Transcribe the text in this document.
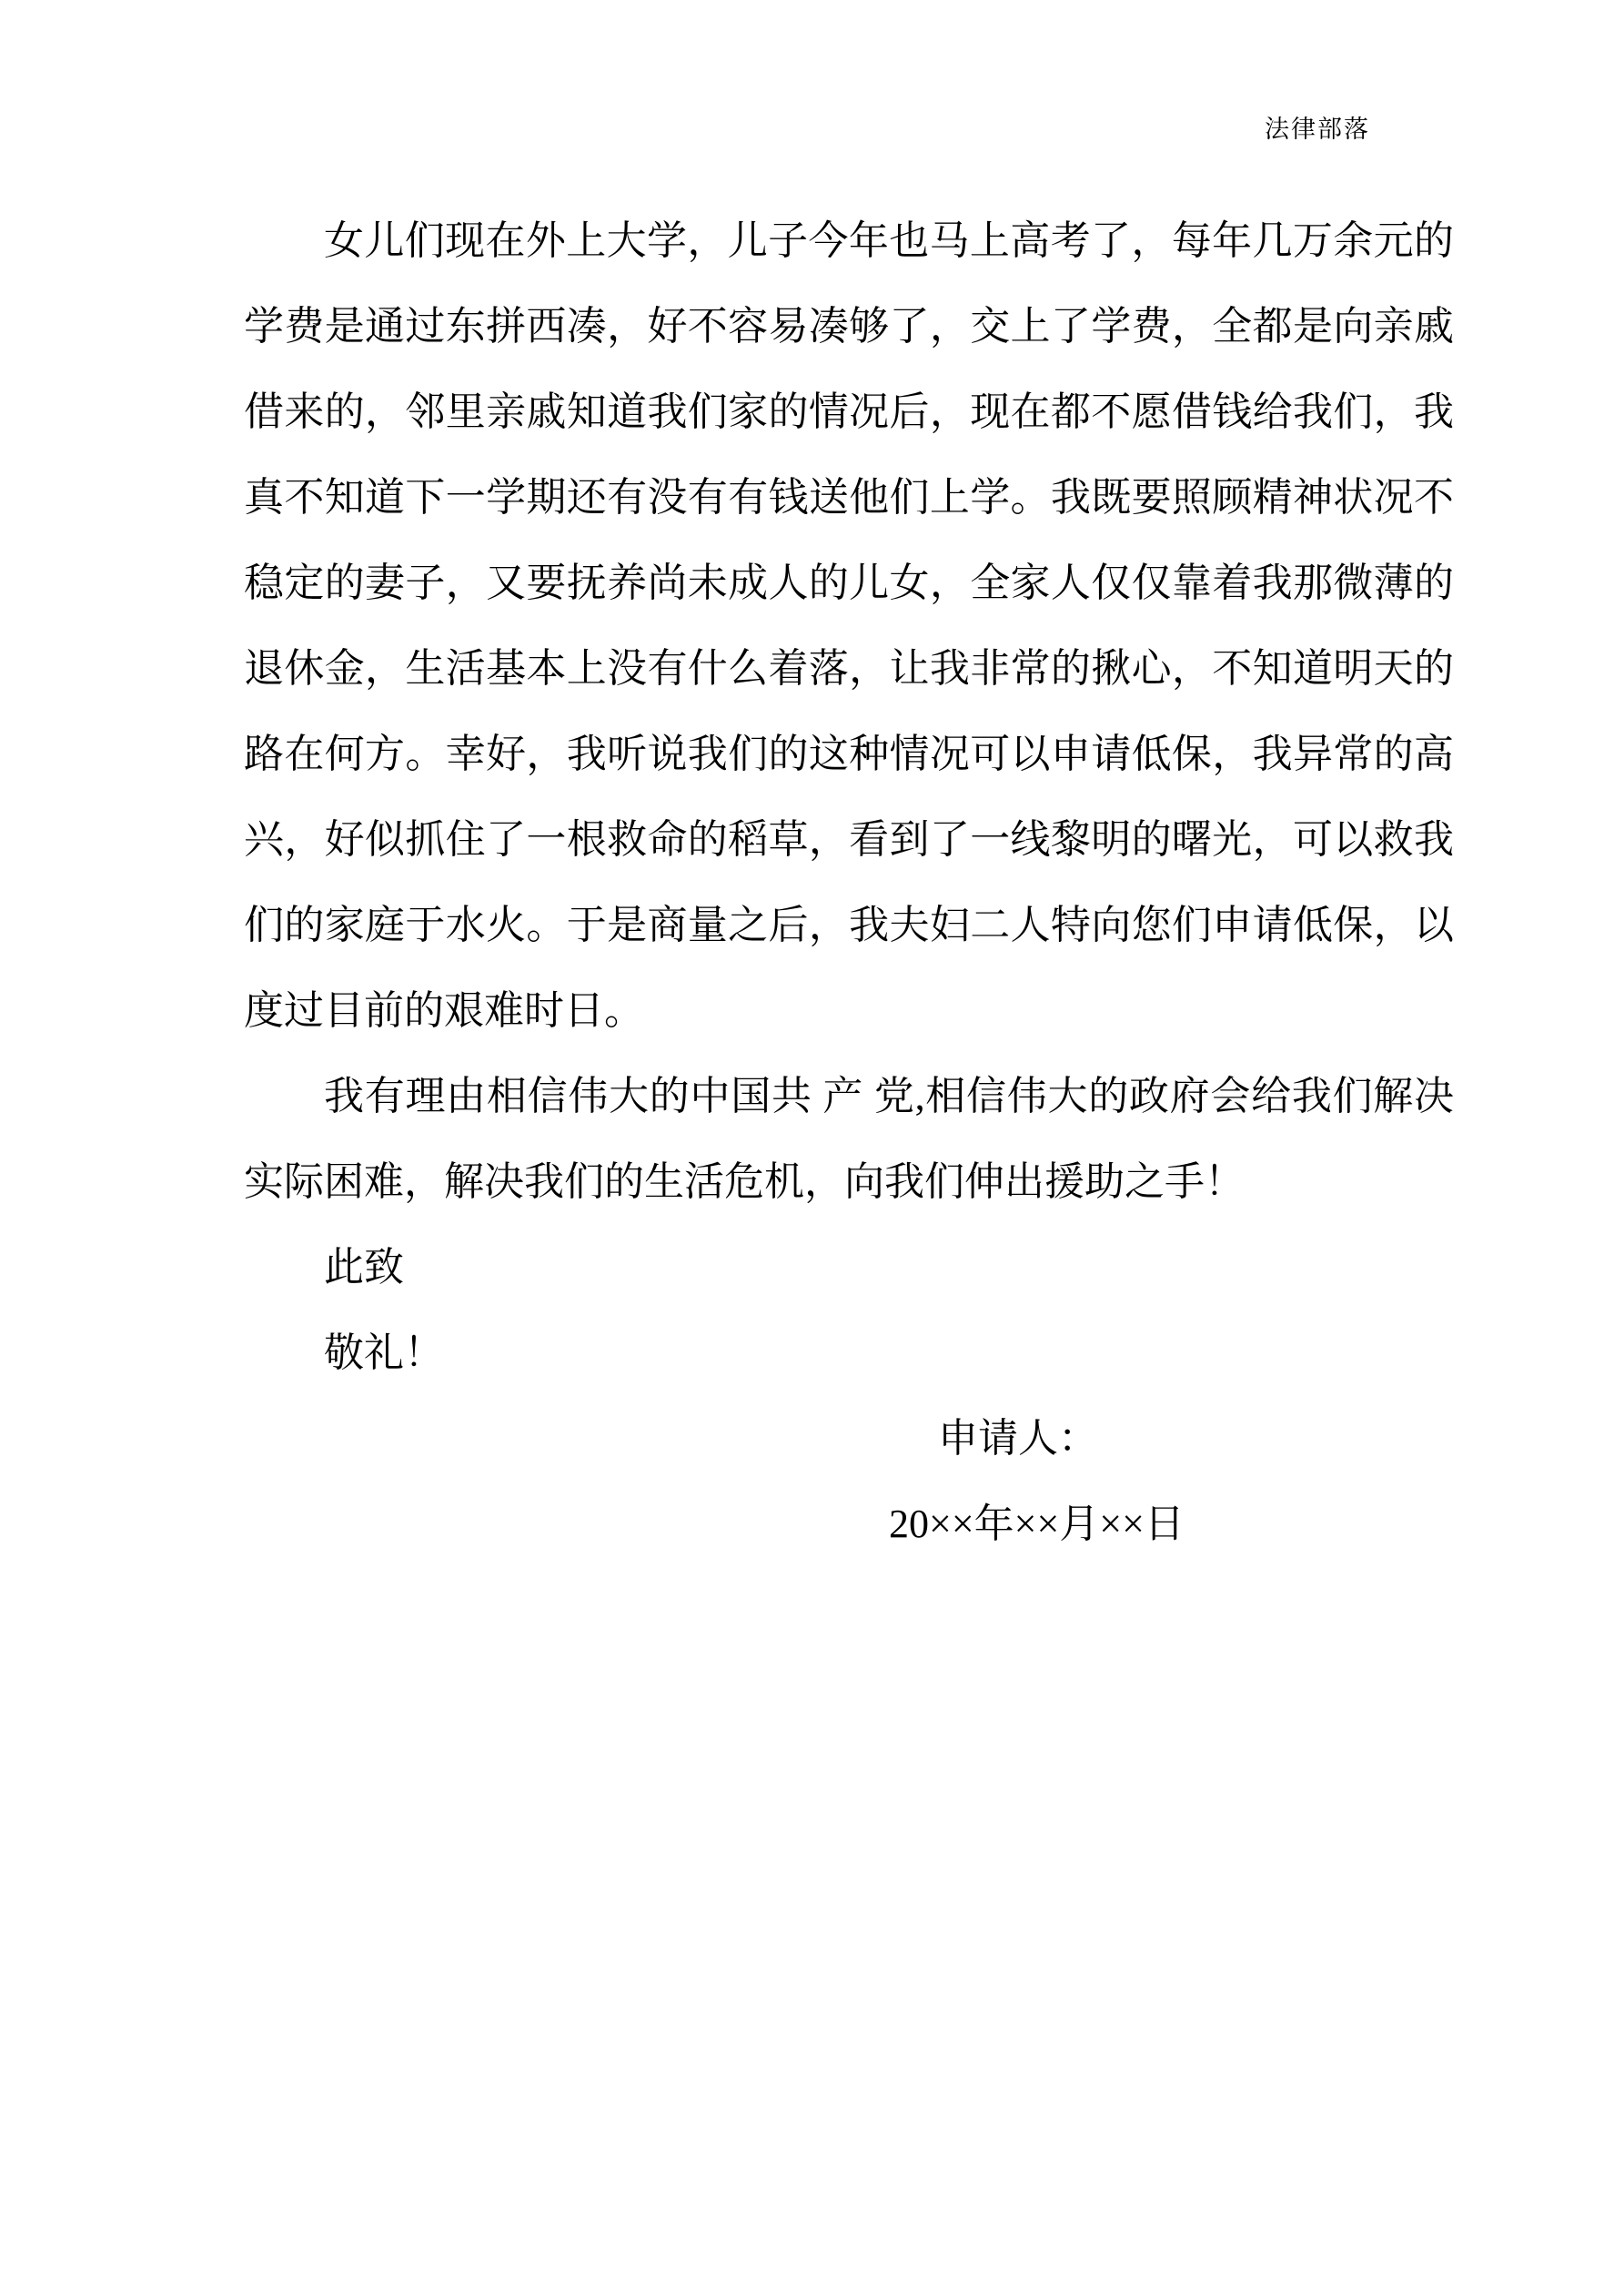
法律部落

女儿们现在外上大学，儿子今年也马上高考了，每年几万余元的学费是通过东拼西凑，好不容易凑够了，交上了学费，全都是向亲戚借来的，邻里亲戚知道我们家的情况后，现在都不愿借钱给我们，我真不知道下一学期还有没有有钱送他们上学。我既要照顾精神状况不稳定的妻子，又要抚养尚未成人的儿女，全家人仅仅靠着我那微薄的退休金，生活基本上没有什么着落，让我非常的揪心，不知道明天的路在何方。幸好，我听说我们的这种情况可以申请低保，我异常的高兴，好似抓住了一根救命的稻草，看到了一线黎明的曙光，可以救我们的家庭于水火。于是商量之后，我夫妇二人特向您们申请低保，以度过目前的艰难时日。

我有理由相信伟大的中国共 产 党,相信伟大的政府会给我们解决实际困难，解决我们的生活危机，向我们伸出援助之手！

此致

敬礼！

申请人：

20××年××月××日
